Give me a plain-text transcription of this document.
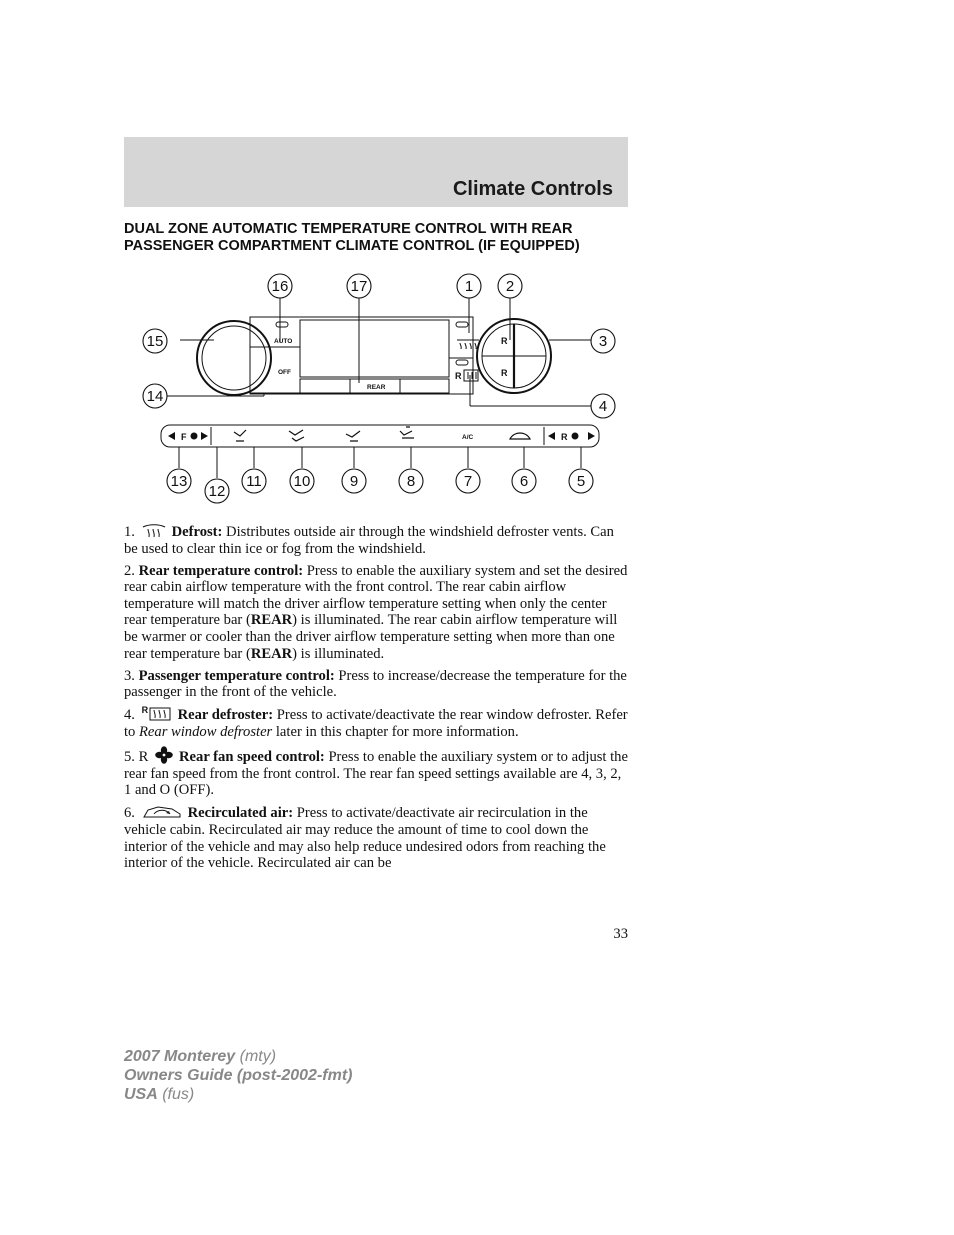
Climate Controls
DUAL ZONE AUTOMATIC TEMPERATURE CONTROL WITH REAR
PASSENGER COMPARTMENT CLIMATE CONTROL (IF EQUIPPED)
AUTO
OFF
REAR
A/C
R
R
F	R
R
16	17	1 2
15	3
14
4
13
12
11 10	9	8	7	6	5

1.	Defrost: Distributes outside air through the windshield defroster vents. Can be used to clear thin ice or fog from the windshield.

2. Rear temperature control: Press to enable the auxiliary system and set the desired rear cabin airflow temperature with the front control. The rear cabin airflow temperature will match the driver airflow temperature setting when only the center rear temperature bar (REAR) is illuminated. The rear cabin airflow temperature will be warmer or cooler than the driver airflow temperature setting when more than one rear temperature bar (REAR) is illuminated.

3. Passenger temperature control: Press to increase/decrease the temperature for the passenger in the front of the vehicle.

4. R Rear defroster: Press to activate/deactivate the rear window defroster. Refer to Rear window defroster later in this chapter for more information.

5. R Rear fan speed control: Press to enable the auxiliary system or to adjust the rear fan speed from the front control. The rear fan speed settings available are 4, 3, 2, 1 and O (OFF).

6.	Recirculated air: Press to activate/deactivate air recirculation in the vehicle cabin. Recirculated air may reduce the amount of time to cool down the interior of the vehicle and may also help reduce undesired odors from reaching the interior of the vehicle. Recirculated air can be

33
2007 Monterey (mty)
Owners Guide (post-2002-fmt)
USA (fus)
